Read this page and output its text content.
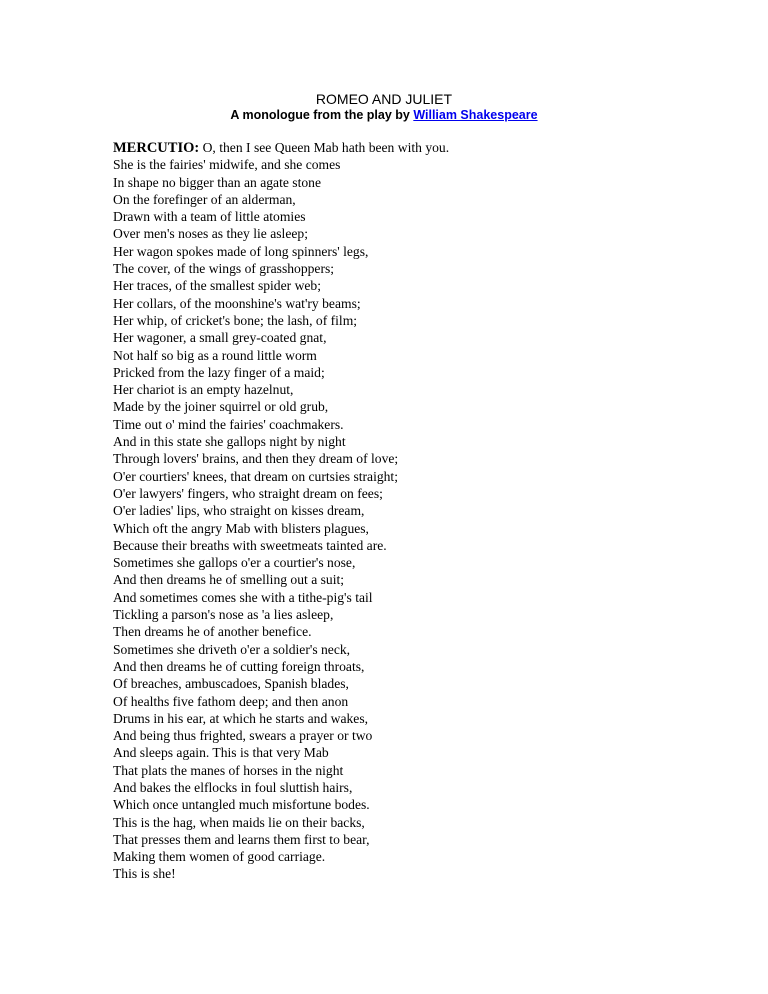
ROMEO AND JULIET
A monologue from the play by William Shakespeare
MERCUTIO: O, then I see Queen Mab hath been with you.
She is the fairies' midwife, and she comes
In shape no bigger than an agate stone
On the forefinger of an alderman,
Drawn with a team of little atomies
Over men's noses as they lie asleep;
Her wagon spokes made of long spinners' legs,
The cover, of the wings of grasshoppers;
Her traces, of the smallest spider web;
Her collars, of the moonshine's wat'ry beams;
Her whip, of cricket's bone; the lash, of film;
Her wagoner, a small grey-coated gnat,
Not half so big as a round little worm
Pricked from the lazy finger of a maid;
Her chariot is an empty hazelnut,
Made by the joiner squirrel or old grub,
Time out o' mind the fairies' coachmakers.
And in this state she gallops night by night
Through lovers' brains, and then they dream of love;
O'er courtiers' knees, that dream on curtsies straight;
O'er lawyers' fingers, who straight dream on fees;
O'er ladies' lips, who straight on kisses dream,
Which oft the angry Mab with blisters plagues,
Because their breaths with sweetmeats tainted are.
Sometimes she gallops o'er a courtier's nose,
And then dreams he of smelling out a suit;
And sometimes comes she with a tithe-pig's tail
Tickling a parson's nose as 'a lies asleep,
Then dreams he of another benefice.
Sometimes she driveth o'er a soldier's neck,
And then dreams he of cutting foreign throats,
Of breaches, ambuscadoes, Spanish blades,
Of healths five fathom deep; and then anon
Drums in his ear, at which he starts and wakes,
And being thus frighted, swears a prayer or two
And sleeps again. This is that very Mab
That plats the manes of horses in the night
And bakes the elflocks in foul sluttish hairs,
Which once untangled much misfortune bodes.
This is the hag, when maids lie on their backs,
That presses them and learns them first to bear,
Making them women of good carriage.
This is she!
